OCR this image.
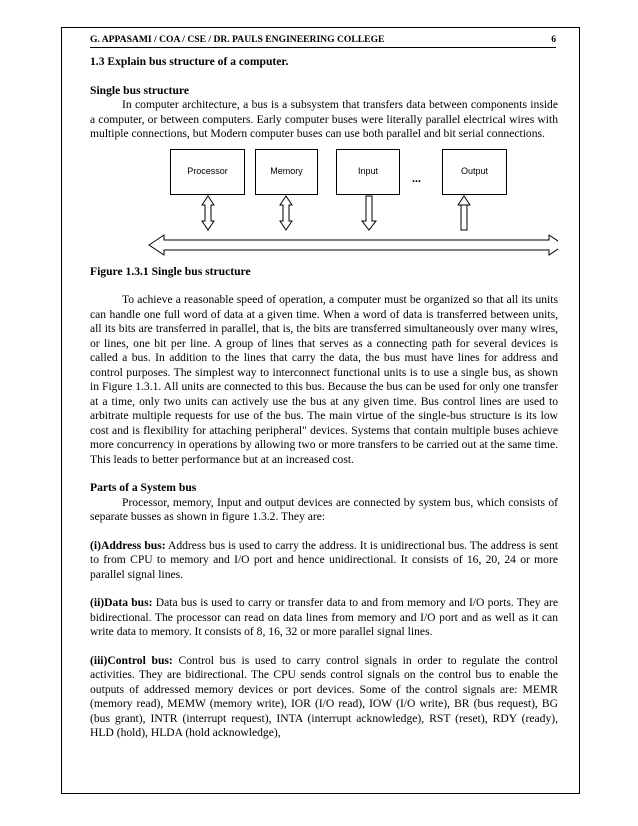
G. APPASAMI / COA / CSE / DR. PAULS ENGINEERING COLLEGE	6

1.3 Explain bus structure of a computer.

Single bus structure

In computer architecture, a bus is a subsystem that transfers data between components inside a computer, or between computers. Early computer buses were literally parallel electrical wires with multiple connections, but Modern computer buses can use both parallel and bit serial connections.

Processor	Memory	Input	...	Output

Figure 1.3.1 Single bus structure

To achieve a reasonable speed of operation, a computer must be organized so that all its units can handle one full word of data at a given time. When a word of data is transferred between units, all its bits are transferred in parallel, that is, the bits are transferred simultaneously over many wires, or lines, one bit per line. A group of lines that serves as a connecting path for several devices is called a bus. In addition to the lines that carry the data, the bus must have lines for address and control purposes. The simplest way to interconnect functional units is to use a single bus, as shown in Figure 1.3.1. All units are connected to this bus. Because the bus can be used for only one transfer at a time, only two units can actively use the bus at any given time. Bus control lines are used to arbitrate multiple requests for use of the bus. The main virtue of the single-bus structure is its low cost and is flexibility for attaching peripheral" devices. Systems that contain multiple buses achieve more concurrency in operations by allowing two or more transfers to be carried out at the same time. This leads to better performance but at an increased cost.

Parts of a System bus

Processor, memory, Input and output devices are connected by system bus, which consists of separate busses as shown in figure 1.3.2. They are:

(i)Address bus: Address bus is used to carry the address. It is unidirectional bus. The address is sent to from CPU to memory and I/O port and hence unidirectional. It consists of 16, 20, 24 or more parallel signal lines.

(ii)Data bus: Data bus is used to carry or transfer data to and from memory and I/O ports. They are bidirectional. The processor can read on data lines from memory and I/O port and as well as it can write data to memory. It consists of 8, 16, 32 or more parallel signal lines.

(iii)Control bus: Control bus is used to carry control signals in order to regulate the control activities. They are bidirectional. The CPU sends control signals on the control bus to enable the outputs of addressed memory devices or port devices. Some of the control signals are: MEMR (memory read), MEMW (memory write), IOR (I/O read), IOW (I/O write), BR (bus request), BG (bus grant), INTR (interrupt request), INTA (interrupt acknowledge), RST (reset), RDY (ready), HLD (hold), HLDA (hold acknowledge),
